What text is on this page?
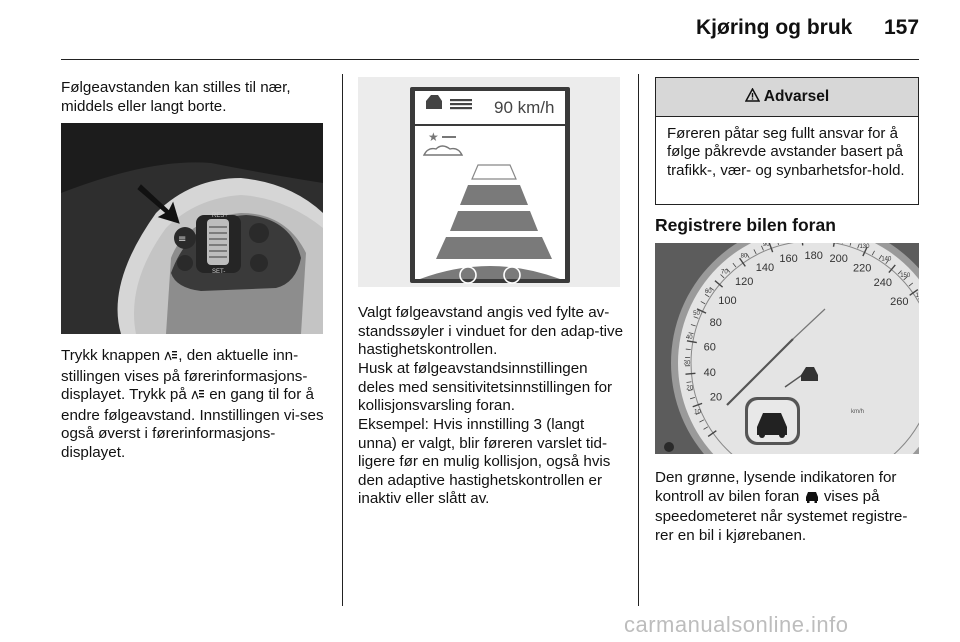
Kjøring og bruk 157

Følgeavstanden kan stilles til nær, middels eller langt borte.

RES+
SET-
≡

Trykk knappen , den aktuelle inn-stillingen vises på førerinformasjons-displayet. Trykk på  en gang til for å endre følgeavstand. Innstillingen vi-ses også øverst i førerinformasjons-displayet.

90 km/h
★

Valgt følgeavstand angis ved fylte av-standssøyler i vinduet for den adap-tive hastighetskontrollen.

Husk at følgeavstandsinnstillingen deles med sensitivitetsinnstillingen for kollisjonsvarsling foran.

Eksempel: Hvis innstilling 3 (langt unna) er valgt, blir føreren varslet tid-ligere før en mulig kollisjon, også hvis den adaptive hastighetskontrollen er inaktiv eller slått av.

Advarsel

Føreren påtar seg fullt ansvar for å følge påkrevde avstander basert på trafikk-, vær- og synbarhetsfor-hold.

Registrere bilen foran
20
40
60
80
100
120
140
160 180 200
220
240
260
10
20
30
40
50
60
70
80
90	130
140
150
1
km/h

Den grønne, lysende indikatoren for kontroll av bilen foran  vises på speedometeret når systemet registre-rer en bil i kjørebanen.

carmanualsonline.info
